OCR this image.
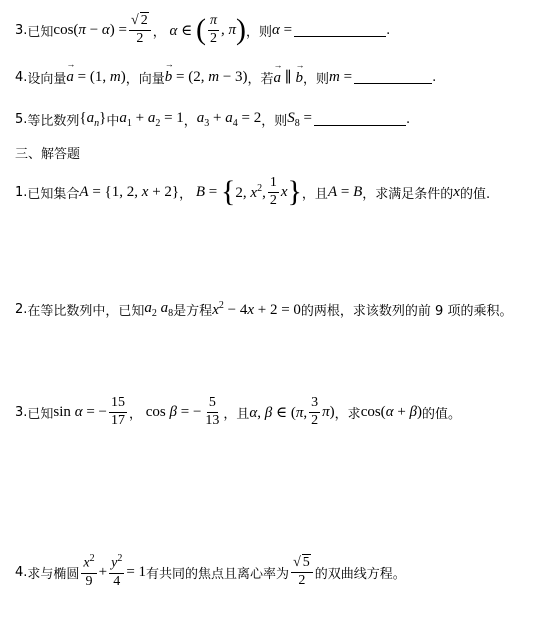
3. 已知 $\cos(\pi - \alpha) = \frac{√ 2}{2}$ ， α ∈ ( $\frac{\pi}{2}$ , π ) ，则 α =	.
4. 设向量 → a = (1, m) ，向量 → b = (2, m − 3) ，若 → a ∥ → b ，则 m =	.
5. 等比数列 $\{a_n\}$ 中 $a_1 + a_2 = 1$ ， $a_3 + a_4 = 2$ ，则 $S_8$ =	.
三、解答题
1. 已知集合 A = {1, 2, x + 2} ， B = { 2, $x^2$, $\frac{1}{2}$ x } ，且 A = B ，求满足条件的 x 的值.
2. 在等比数列中，已知 $a_2$ $a_8$ 是方程 $x^2 - 4x + 2 = 0$ 的两根，求该数列的前 9 项的乘积。
3. 已知 sin α = − $\frac{15}{17}$ ， cos β = − $\frac{5}{13}$ ，且 α, β ∈ (π, $\frac{3}{2} \pi$) ，求 cos(α + β) 的值。
4. 求与椭圆 $\frac{x^2}{9} + \frac{y^2}{4} = 1$ 有共同的焦点且离心率为 $\frac{√ 5}{2}$ 的双曲线方程。
